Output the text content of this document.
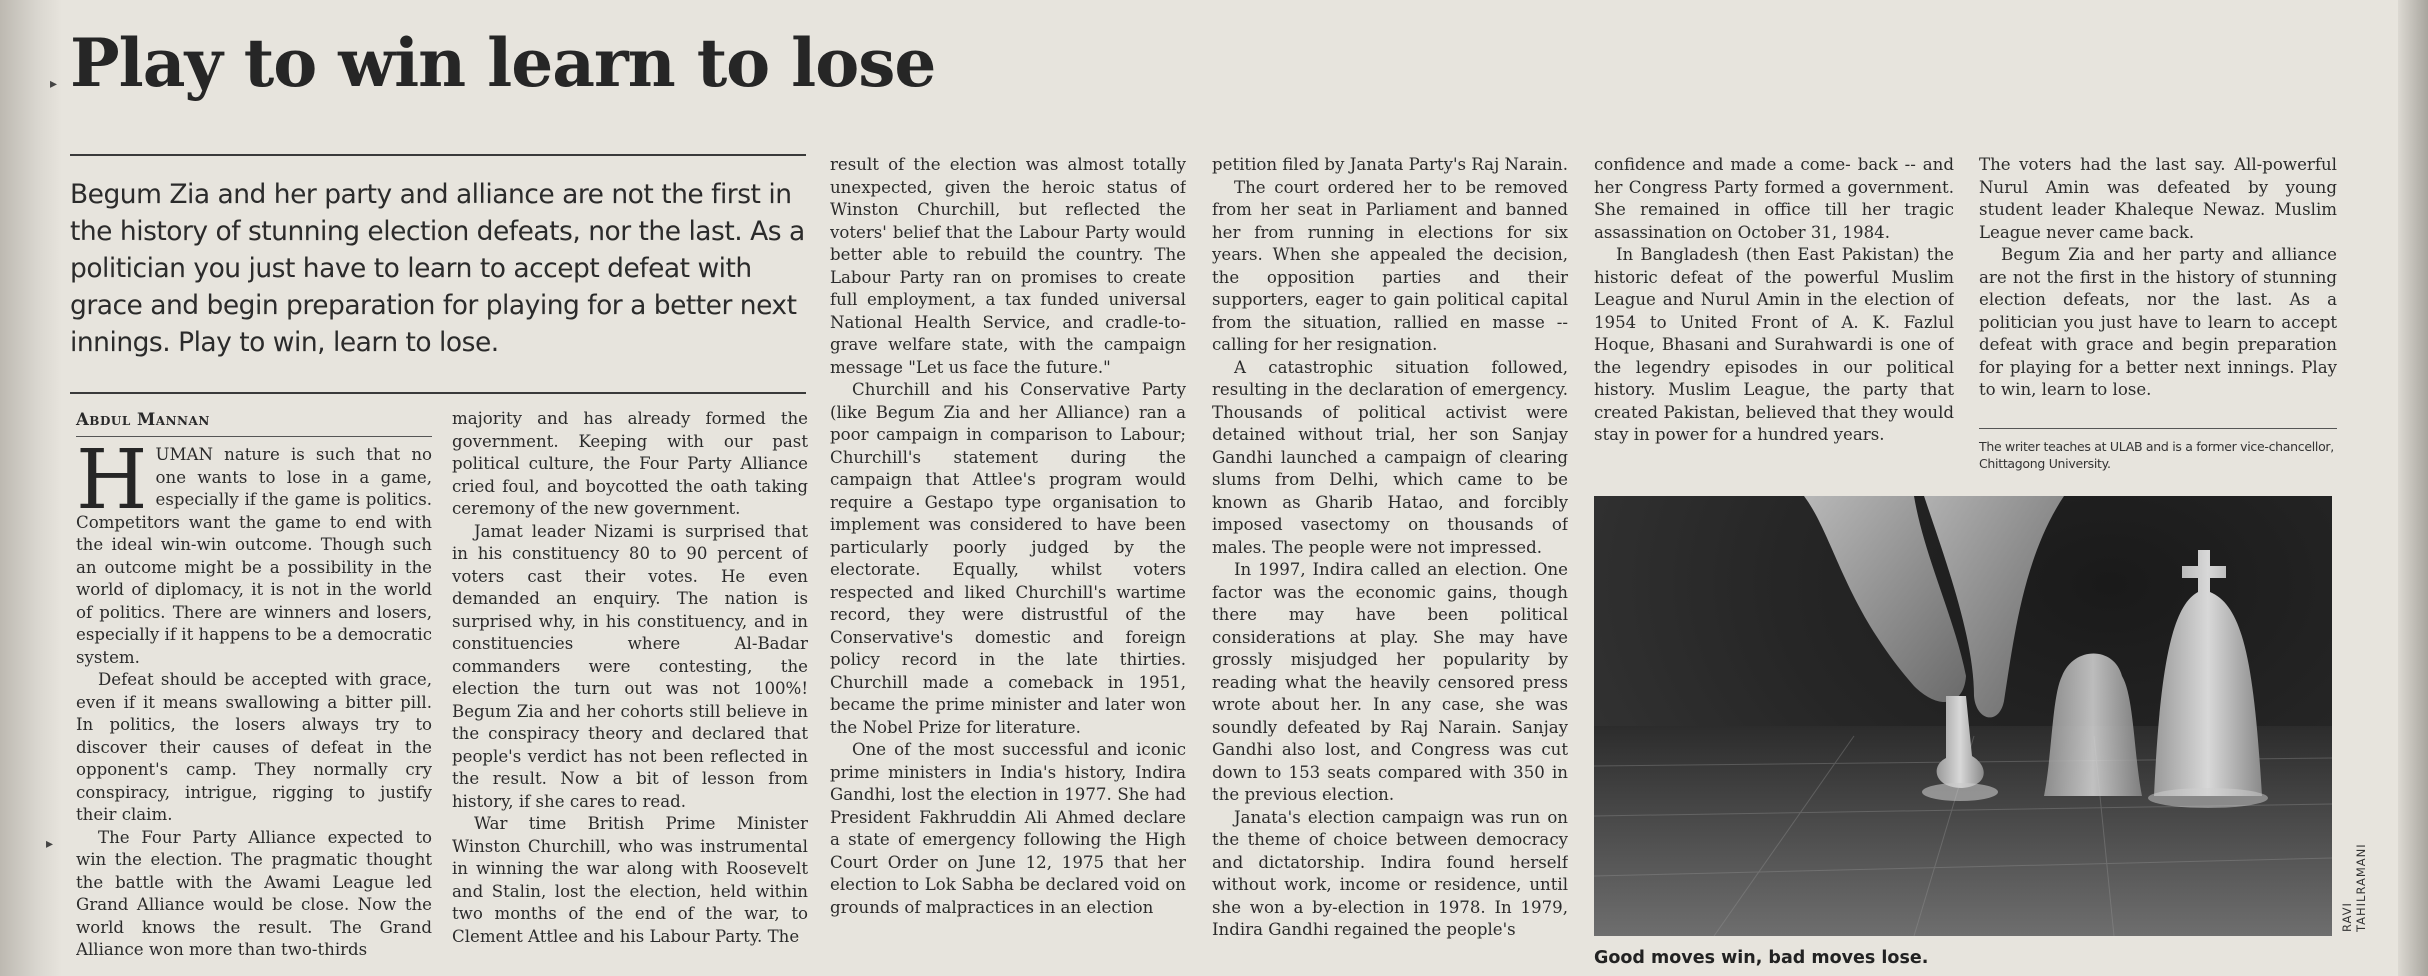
▸
▸
Play to win learn to lose

Begum Zia and her party and alliance are not the first in the history of stunning election defeats, nor the last. As a politician you just have to learn to accept defeat with grace and begin preparation for playing for a better next innings. Play to win, learn to lose.

Abdul Mannan

HUMAN nature is such that no one wants to lose in a game, especially if the game is politics. Competitors want the game to end with the ideal win-win outcome. Though such an outcome might be a possibility in the world of diplomacy, it is not in the world of politics. There are winners and losers, especially if it happens to be a democratic system.

Defeat should be accepted with grace, even if it means swallowing a bitter pill. In politics, the losers always try to discover their causes of defeat in the opponent's camp. They normally cry conspiracy, intrigue, rigging to justify their claim.

The Four Party Alliance expected to win the election. The pragmatic thought the battle with the Awami League led Grand Alliance would be close. Now the world knows the result. The Grand Alliance won more than two-thirds

majority and has already formed the government. Keeping with our past political culture, the Four Party Alliance cried foul, and boycotted the oath taking ceremony of the new government.

Jamat leader Nizami is surprised that in his constituency 80 to 90 percent of voters cast their votes. He even demanded an enquiry. The nation is surprised why, in his constituency, and in constituencies where Al-Badar commanders were contesting, the election the turn out was not 100%! Begum Zia and her cohorts still believe in the conspiracy theory and declared that people's verdict has not been reflected in the result. Now a bit of lesson from history, if she cares to read.

War time British Prime Minister Winston Churchill, who was instrumental in winning the war along with Roosevelt and Stalin, lost the election, held within two months of the end of the war, to Clement Attlee and his Labour Party. The

result of the election was almost totally unexpected, given the heroic status of Winston Churchill, but reflected the voters' belief that the Labour Party would better able to rebuild the country. The Labour Party ran on promises to create full employment, a tax funded universal National Health Service, and cradle-to-grave welfare state, with the campaign message "Let us face the future."

Churchill and his Conservative Party (like Begum Zia and her Alliance) ran a poor campaign in comparison to Labour; Churchill's statement during the campaign that Attlee's program would require a Gestapo type organisation to implement was considered to have been particularly poorly judged by the electorate. Equally, whilst voters respected and liked Churchill's wartime record, they were distrustful of the Conservative's domestic and foreign policy record in the late thirties. Churchill made a comeback in 1951, became the prime minister and later won the Nobel Prize for literature.

One of the most successful and iconic prime ministers in India's history, Indira Gandhi, lost the election in 1977. She had President Fakhruddin Ali Ahmed declare a state of emergency following the High Court Order on June 12, 1975 that her election to Lok Sabha be declared void on grounds of malpractices in an election

petition filed by Janata Party's Raj Narain.

The court ordered her to be removed from her seat in Parliament and banned her from running in elections for six years. When she appealed the decision, the opposition parties and their supporters, eager to gain political capital from the situation, rallied en masse -- calling for her resignation.

A catastrophic situation followed, resulting in the declaration of emergency. Thousands of political activist were detained without trial, her son Sanjay Gandhi launched a campaign of clearing slums from Delhi, which came to be known as Gharib Hatao, and forcibly imposed vasectomy on thousands of males. The people were not impressed.

In 1997, Indira called an election. One factor was the economic gains, though there may have been political considerations at play. She may have grossly misjudged her popularity by reading what the heavily censored press wrote about her. In any case, she was soundly defeated by Raj Narain. Sanjay Gandhi also lost, and Congress was cut down to 153 seats compared with 350 in the previous election.

Janata's election campaign was run on the theme of choice between democracy and dictatorship. Indira found herself without work, income or residence, until she won a by-election in 1978. In 1979, Indira Gandhi regained the people's

confidence and made a come- back -- and her Congress Party formed a government. She remained in office till her tragic assassination on October 31, 1984.

In Bangladesh (then East Pakistan) the historic defeat of the powerful Muslim League and Nurul Amin in the election of 1954 to United Front of A. K. Fazlul Hoque, Bhasani and Surahwardi is one of the legendry episodes in our political history. Muslim League, the party that created Pakistan, believed that they would stay in power for a hundred years.

The voters had the last say. All-powerful Nurul Amin was defeated by young student leader Khaleque Newaz. Muslim League never came back.

Begum Zia and her party and alliance are not the first in the history of stunning election defeats, nor the last. As a politician you just have to learn to accept defeat with grace and begin preparation for playing for a better next innings. Play to win, learn to lose.

The writer teaches at ULAB and is a former vice-chancellor, Chittagong University.

RAVI TAHILRAMANI

Good moves win, bad moves lose.
